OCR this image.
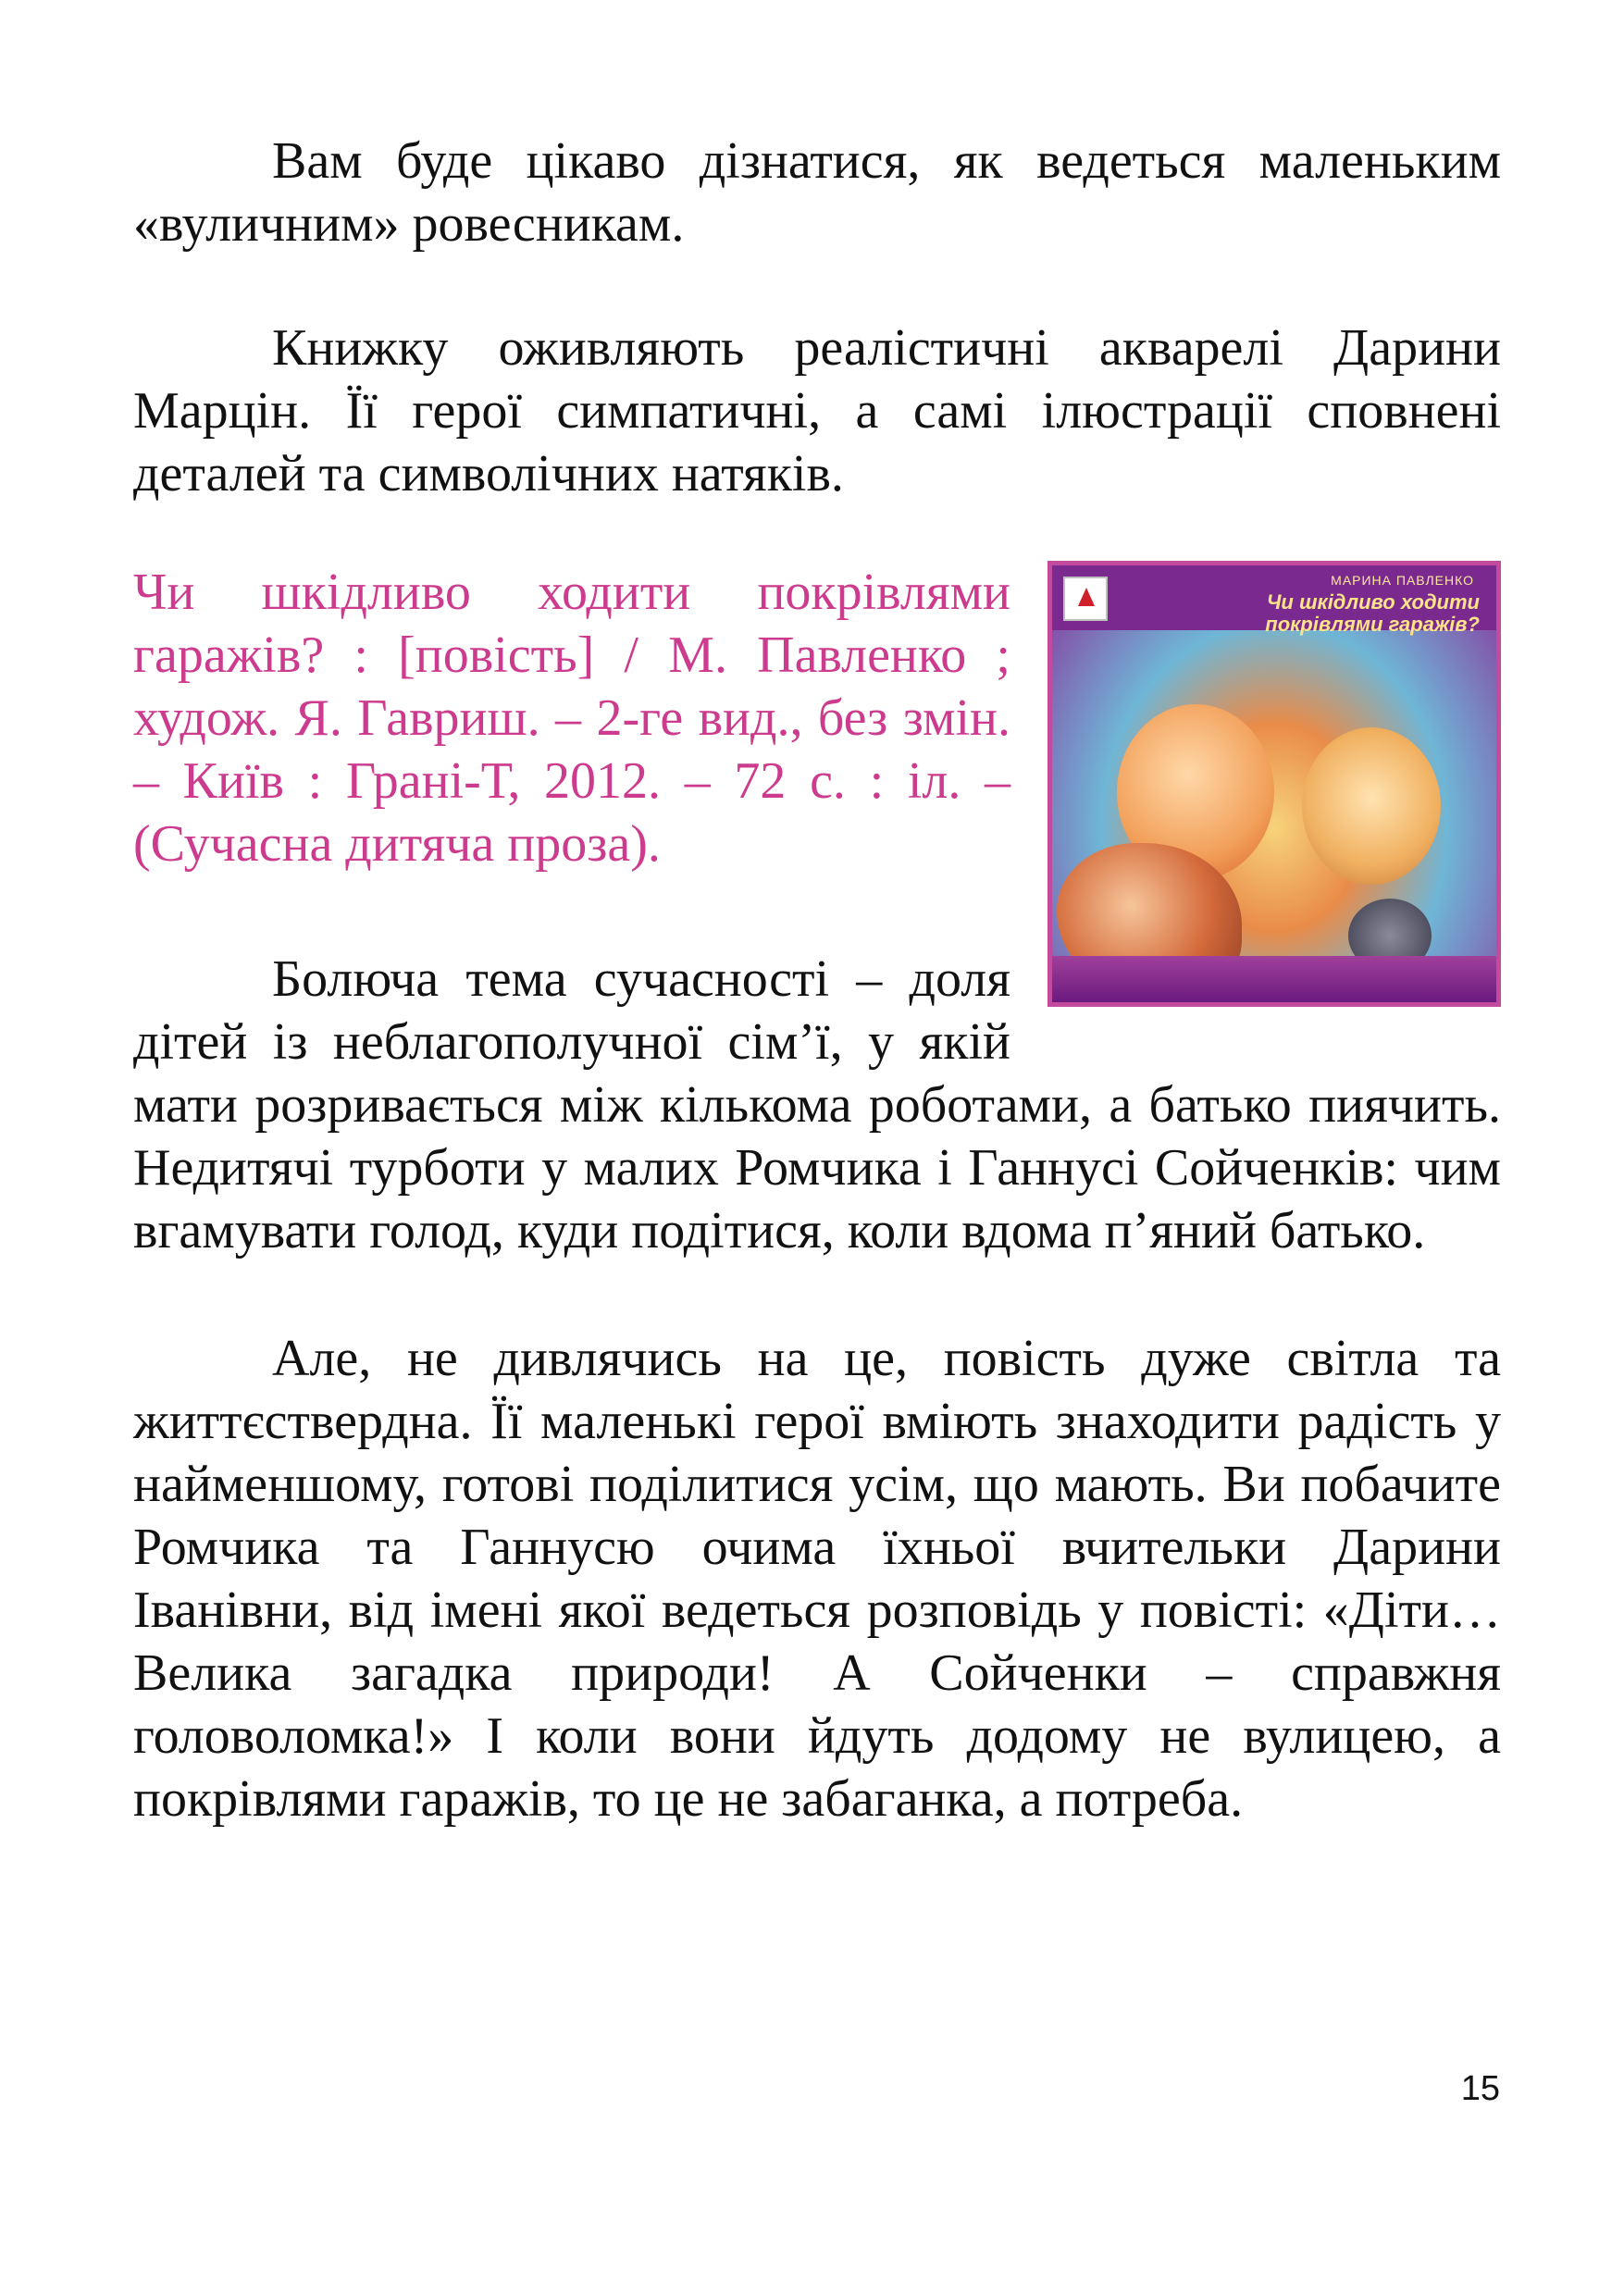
Вам буде цікаво дізнатися, як ведеться маленьким «вуличним» ровесникам.

Книжку оживляють реалістичні акварелі Дарини Марцін. Її герої симпатичні, а самі ілюстрації сповнені деталей та символічних натяків.

МАРИНА ПАВЛЕНКО
Чи шкідливо ходити покрівлями гаражів?
Чи шкідливо ходити покрівлями гаражів? : [повість] / М. Павленко ; худож. Я. Гавриш. – 2-ге вид., без змін. – Київ : Грані-Т, 2012. – 72 с. : іл. – (Сучасна дитяча проза).

Болюча тема сучасності – доля дітей із неблагополучної сім’ї, у якій мати розривається між кількома роботами, а батько пиячить. Недитячі турботи у малих Ромчика і Ганнусі Сойченків: чим вгамувати голод, куди подітися, коли вдома п’яний батько.

Але, не дивлячись на це, повість дуже світла та життєствердна. Її маленькі герої вміють знаходити радість у найменшому, готові поділитися усім, що мають. Ви побачите Ромчика та Ганнусю очима їхньої вчительки Дарини Іванівни, від імені якої ведеться розповідь у повісті: «Діти… Велика загадка природи! А Сойченки – справжня головоломка!» І коли вони йдуть додому не вулицею, а покрівлями гаражів, то це не забаганка, а потреба.

15
